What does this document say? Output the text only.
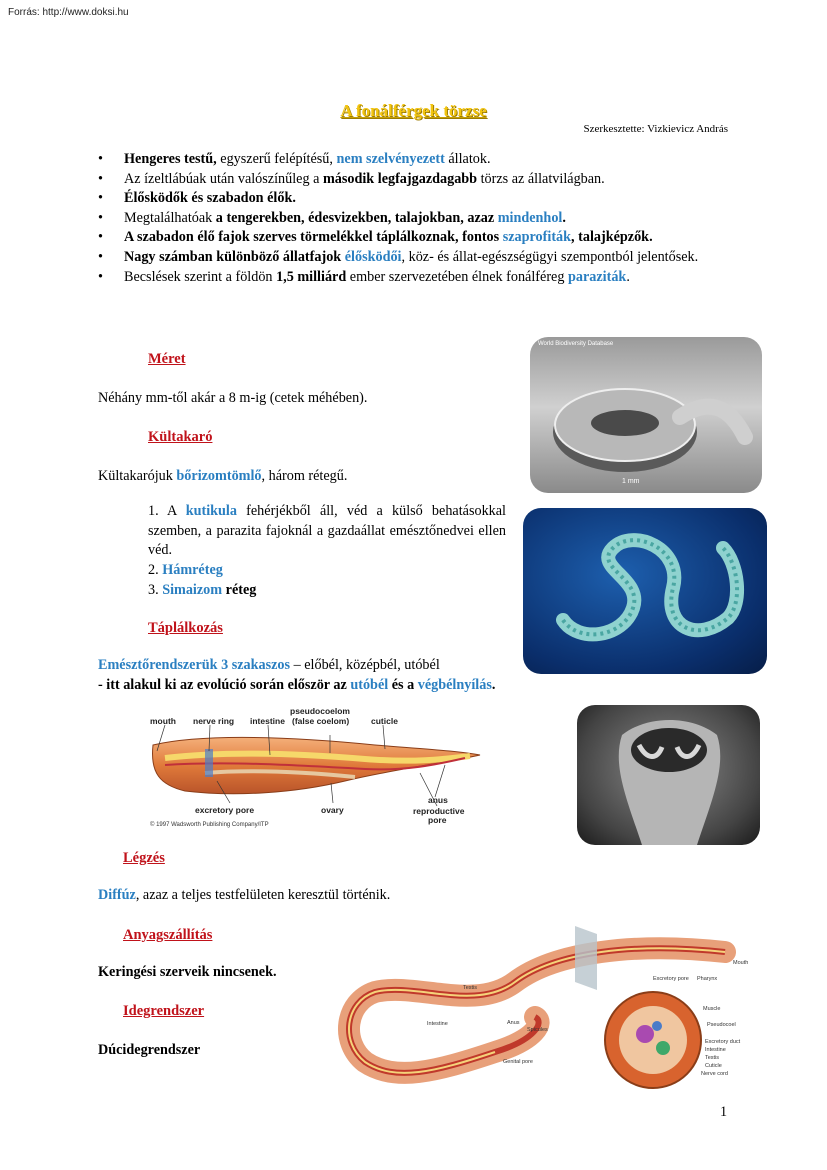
Forrás: http://www.doksi.hu
A fonálférgek törzse
Szerkesztette: Vizkievicz András
• Hengeres testű, egyszerű felépítésű, nem szelvényezett állatok.
• Az ízeltlábúak után valószínűleg a második legfajgazdagabb törzs az állatvilágban.
• Élősködők és szabadon élők.
• Megtalálhatóak a tengerekben, édesvizekben, talajokban, azaz mindenhol.
• A szabadon élő fajok szerves törmelékkel táplálkoznak, fontos szaprofiták, talajképzők.
• Nagy számban különböző állatfajok élősködői, köz- és állat-egészségügyi szempontból jelentősek.
• Becslések szerint a földön 1,5 milliárd ember szervezetében élnek fonálféreg paraziták.
Méret
Néhány mm-től akár a 8 m-ig (cetek méhében).
Kültakaró
Kültakarójuk bőrizomtömlő, három rétegű.
1. A kutikula fehérjékből áll, véd a külső behatásokkal szemben, a parazita fajoknál a gazdaállat emésztőnedvei ellen véd.
2. Hámréteg
3. Simaizom réteg
Táplálkozás
Emésztőrendszerük 3 szakaszos – előbél, középbél, utóbél
- itt alakul ki az evolúció során először az utóbél és a végbélnyílás.
mouth nerve ring intestine
pseudocoelom
(false coelom)	cuticle
excretory pore	ovary
anus
reproductive
pore
© 1997 Wadsworth Publishing Company/ITP
World Biodiversity Database
1 mm
Légzés
Diffúz, azaz a teljes testfelületen keresztül történik.
Anyagszállítás
Keringési szerveik nincsenek.
Idegrendszer
Dúcidegrendszer
Mouth
Excretory pore Pharynx
Testis
Intestine	Anus
Spicules
Genital pore
Muscle
Pseudocoel
Excretory duct
Intestine
Testis
Cuticle
Nerve cord
1
